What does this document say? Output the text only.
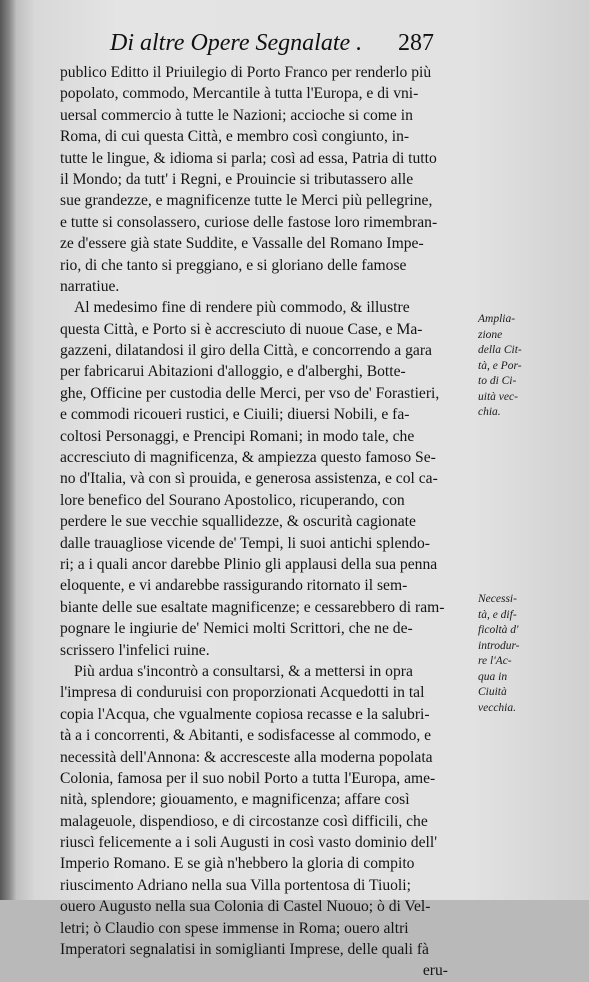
Di altre Opere Segnalate . 287
publico Editto il Priuilegio di Porto Franco per renderlo più
popolato, commodo, Mercantile à tutta l'Europa, e di vni-
uersal commercio à tutte le Nazioni; accioche si come in
Roma, di cui questa Città, e membro così congiunto, in-
tutte le lingue, & idioma si parla; così ad essa, Patria di tutto
il Mondo; da tutt' i Regni, e Prouincie si tributassero alle
sue grandezze, e magnificenze tutte le Merci più pellegrine,
e tutte si consolassero, curiose delle fastose loro rimembran-
ze d'essere già state Suddite, e Vassalle del Romano Impe-
rio, di che tanto si preggiano, e si gloriano delle famose
narratiue.
Al medesimo fine di rendere più commodo, & illustre
questa Città, e Porto si è accresciuto di nuoue Case, e Ma-
gazzeni, dilatandosi il giro della Città, e concorrendo a gara
per fabricarui Abitazioni d'alloggio, e d'alberghi, Botte-
ghe, Officine per custodia delle Merci, per vso de' Forastieri,
e commodi ricoueri rustici, e Ciuili; diuersi Nobili, e fa-
coltosi Personaggi, e Prencipi Romani; in modo tale, che
accresciuto di magnificenza, & ampiezza questo famoso Se-
no d'Italia, và con sì prouida, e generosa assistenza, e col ca-
lore benefico del Sourano Apostolico, ricuperando, con
perdere le sue vecchie squallidezze, & oscurità cagionate
dalle trauagliose vicende de' Tempi, li suoi antichi splendo-
ri; a i quali ancor darebbe Plinio gli applausi della sua penna
eloquente, e vi andarebbe rassigurando ritornato il sem-
biante delle sue esaltate magnificenze; e cessarebbero di ram-
pognare le ingiurie de' Nemici molti Scrittori, che ne de-
scrissero l'infelici ruine.
Più ardua s'incontrò a consultarsi, & a mettersi in opra
l'impresa di conduruisi con proporzionati Acquedotti in tal
copia l'Acqua, che vgualmente copiosa recasse e la salubri-
tà a i concorrenti, & Abitanti, e sodisfacesse al commodo, e
necessità dell'Annona: & accresceste alla moderna popolata
Colonia, famosa per il suo nobil Porto a tutta l'Europa, ame-
nità, splendore; giouamento, e magnificenza; affare così
malageuole, dispendioso, e di circostanze così difficili, che
riuscì felicemente a i soli Augusti in così vasto dominio dell'
Imperio Romano. E se già n'hebbero la gloria di compito
riuscimento Adriano nella sua Villa portentosa di Tiuoli;
ouero Augusto nella sua Colonia di Castel Nuouo; ò di Vel-
letri; ò Claudio con spese immense in Roma; ouero altri
Imperatori segnalatisi in somiglianti Imprese, delle quali fà
eru-
Amplia-
zione
della Cit-
tà, e Por-
to di Ci-
uità vec-
chia.
Necessi-
tà, e dif-
ficoltà d'
introdur-
re l'Ac-
qua in
Ciuità
vecchia.
